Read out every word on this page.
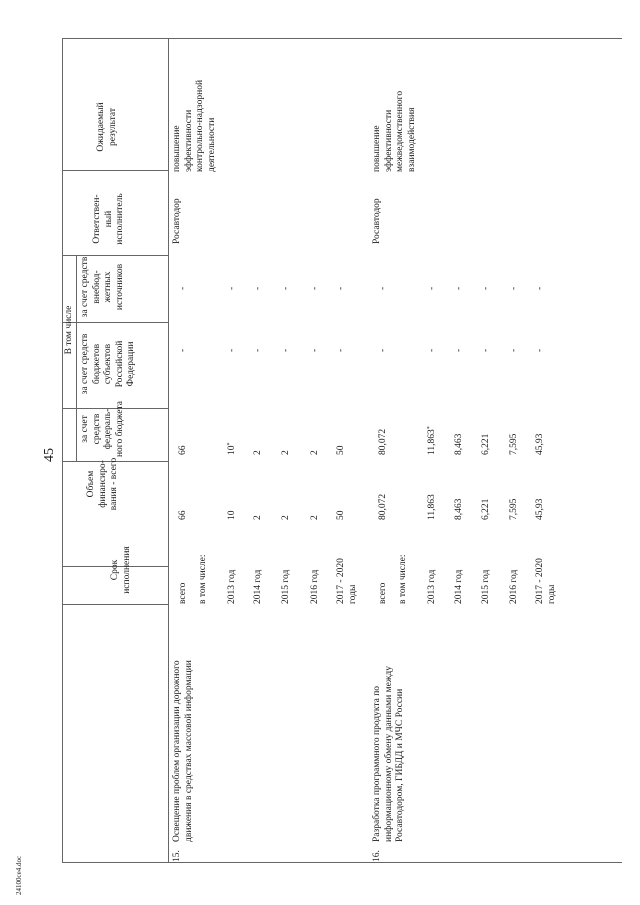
45
24100ce4.doc
Срок исполнения
Объем финансиро-вания - всего
В том числе
за счет средств федераль-ного бюджета
за счет средств бюджетов субъектов Российской Федерации
за счет средств внебюд-жетных источников
Ответствен-ный исполнитель
Ожидаемый результат
15.
Освещение проблем организации дорожного движения в средствах массовой информации
Росавтодор
повышение эффективности контрольно-надзорной деятельности
всего
66
66
-
-
в том числе: 2013 год
10
10*
-
-
2014 год
2
2
-
-
2015 год
2
2
-
-
2016 год
2
2
-
-
2017 - 2020 годы
50
50
-
-
16.
Разработка программного продукта по информационному обмену данными между Росавтодором, ГИБДД и МЧС России
Росавтодор
повышение эффективности межведомственного взаимодействия
всего
80,072
80,072
-
-
в том числе: 2013 год
11,863
11,863*
-
-
2014 год
8,463
8,463
-
-
2015 год
6,221
6,221
-
-
2016 год
7,595
7,595
-
-
2017 - 2020 годы
45,93
45,93
-
-
